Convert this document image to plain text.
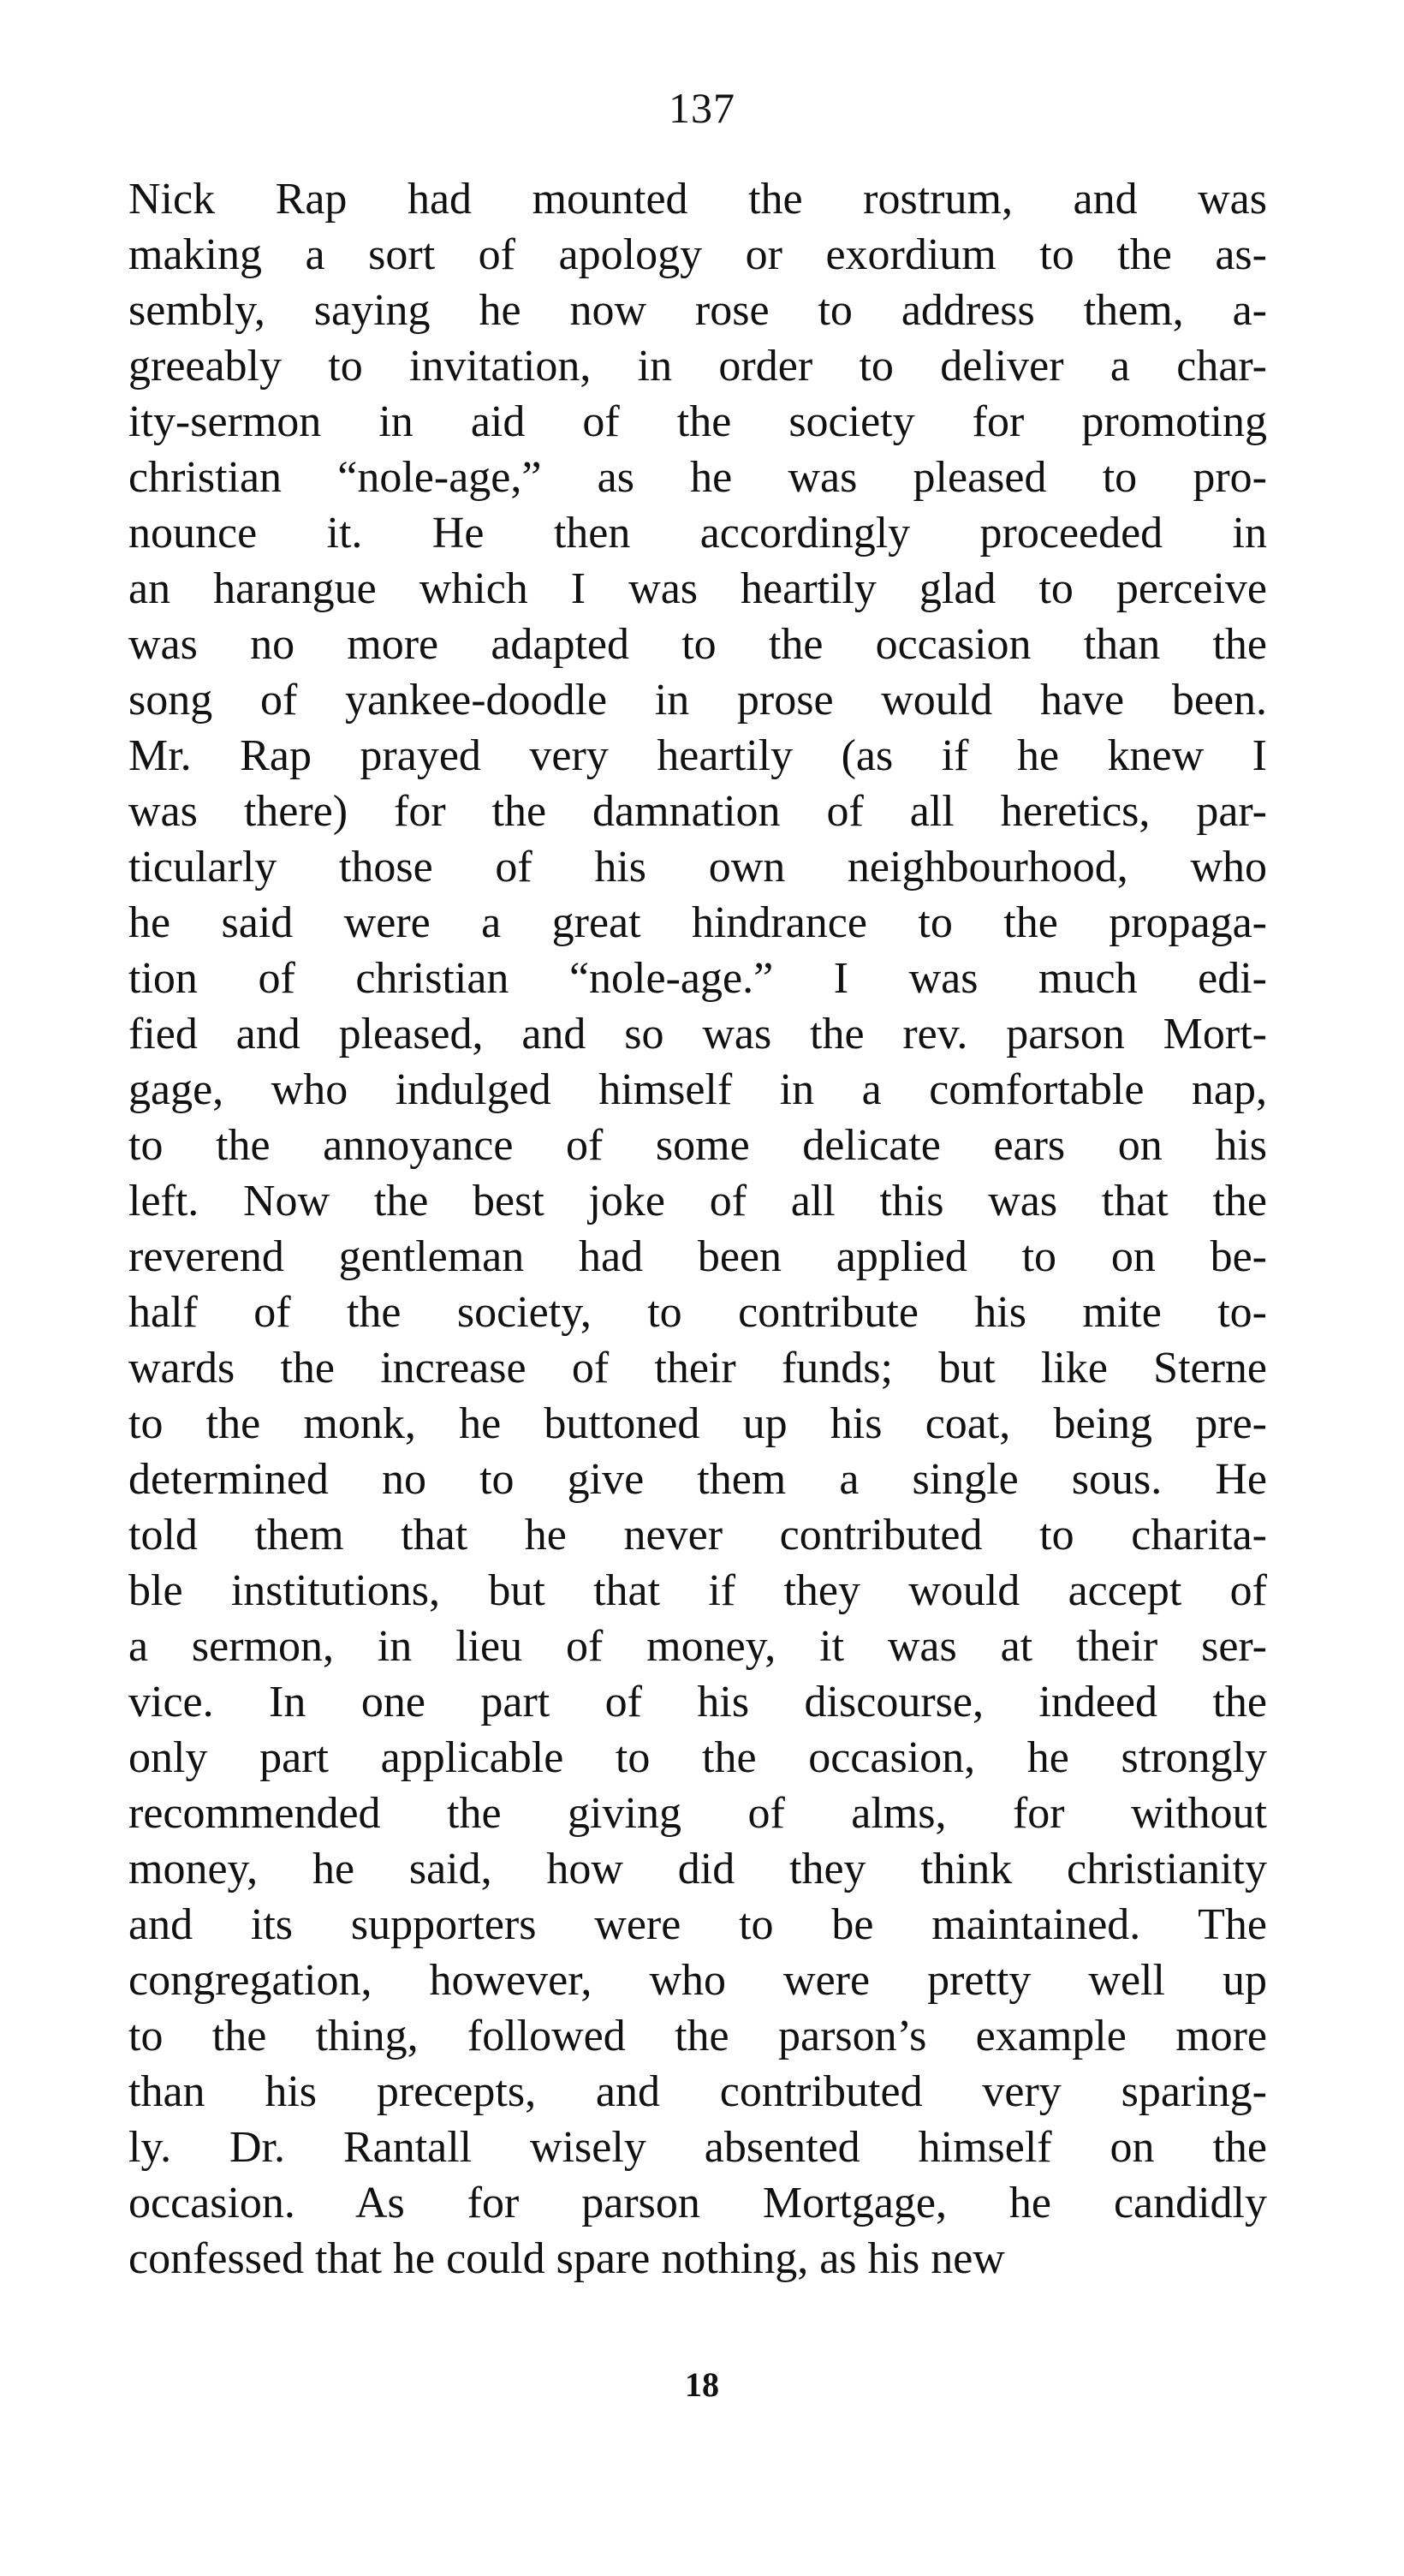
137
Nick Rap had mounted the rostrum, and was
making a sort of apology or exordium to the as-
sembly, saying he now rose to address them, a-
greeably to invitation, in order to deliver a char-
ity-sermon in aid of the society for promoting
christian “nole-age,” as he was pleased to pro-
nounce it. He then accordingly proceeded in
an harangue which I was heartily glad to perceive
was no more adapted to the occasion than the
song of yankee-doodle in prose would have been.
Mr. Rap prayed very heartily (as if he knew I
was there) for the damnation of all heretics, par-
ticularly those of his own neighbourhood, who
he said were a great hindrance to the propaga-
tion of christian “nole-age.” I was much edi-
fied and pleased, and so was the rev. parson Mort-
gage, who indulged himself in a comfortable nap,
to the annoyance of some delicate ears on his
left. Now the best joke of all this was that the
reverend gentleman had been applied to on be-
half of the society, to contribute his mite to-
wards the increase of their funds; but like Sterne
to the monk, he buttoned up his coat, being pre-
determined no to give them a single sous. He
told them that he never contributed to charita-
ble institutions, but that if they would accept of
a sermon, in lieu of money, it was at their ser-
vice. In one part of his discourse, indeed the
only part applicable to the occasion, he strongly
recommended the giving of alms, for without
money, he said, how did they think christianity
and its supporters were to be maintained. The
congregation, however, who were pretty well up
to the thing, followed the parson’s example more
than his precepts, and contributed very sparing-
ly. Dr. Rantall wisely absented himself on the
occasion. As for parson Mortgage, he candidly
confessed that he could spare nothing, as his new
18
